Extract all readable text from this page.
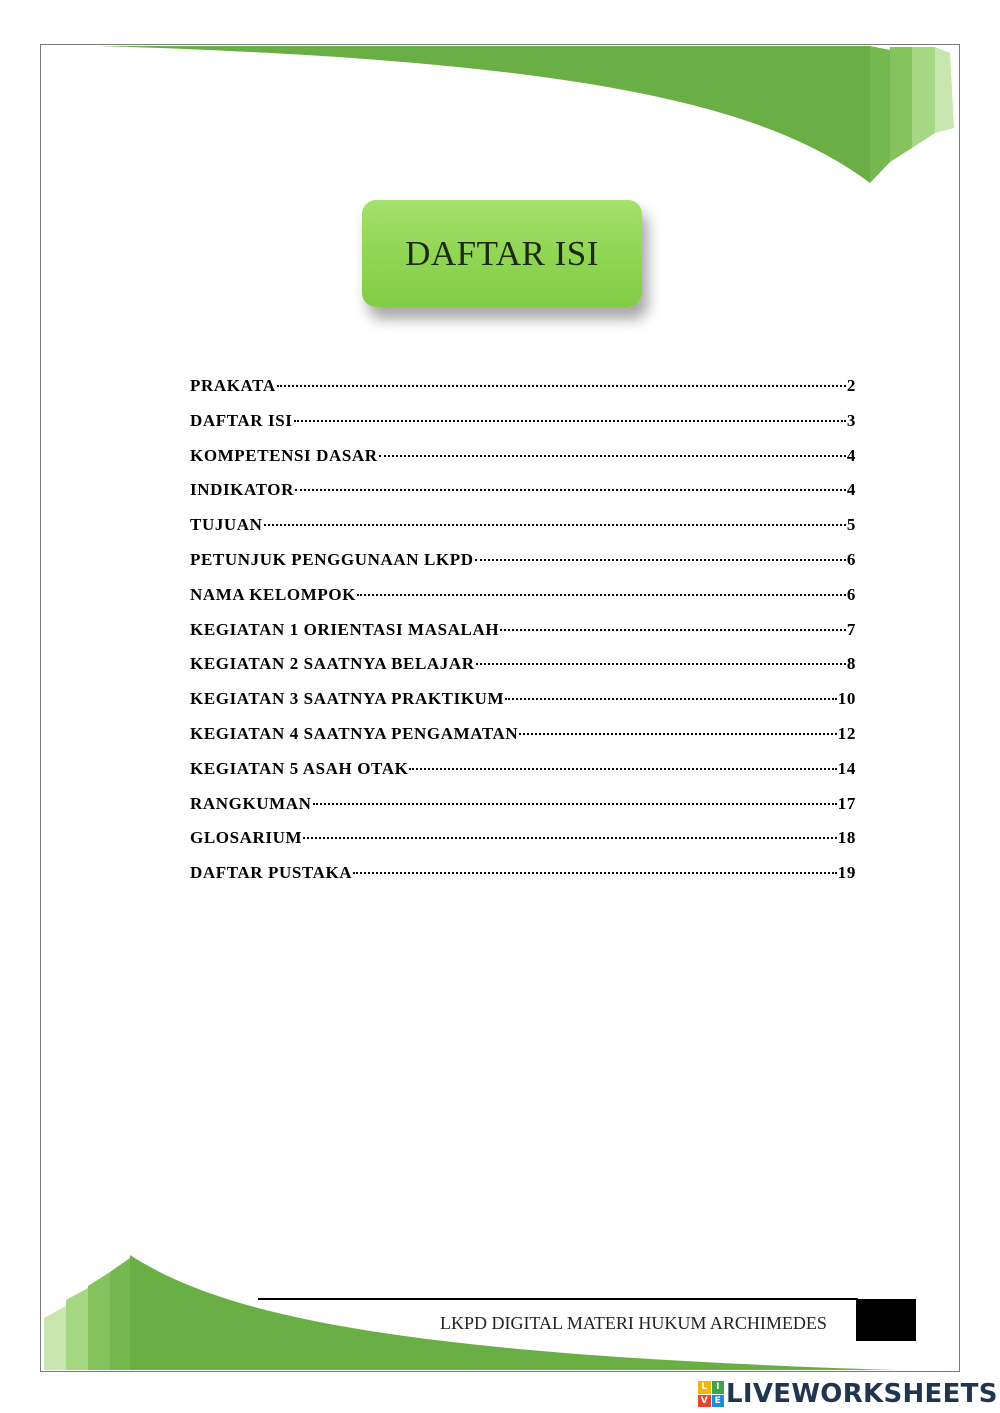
DAFTAR ISI
PRAKATA	2
DAFTAR ISI	3
KOMPETENSI DASAR	4
INDIKATOR	4
TUJUAN	5
PETUNJUK PENGGUNAAN LKPD	6
NAMA KELOMPOK	6
KEGIATAN 1 ORIENTASI MASALAH	7
KEGIATAN 2 SAATNYA BELAJAR	8
KEGIATAN 3 SAATNYA PRAKTIKUM	10
KEGIATAN 4 SAATNYA PENGAMATAN	12
KEGIATAN 5 ASAH OTAK	14
RANGKUMAN	17
GLOSARIUM	18
DAFTAR PUSTAKA	19
LKPD DIGITAL MATERI HUKUM ARCHIMEDES
L I
V E LIVEWORKSHEETS
